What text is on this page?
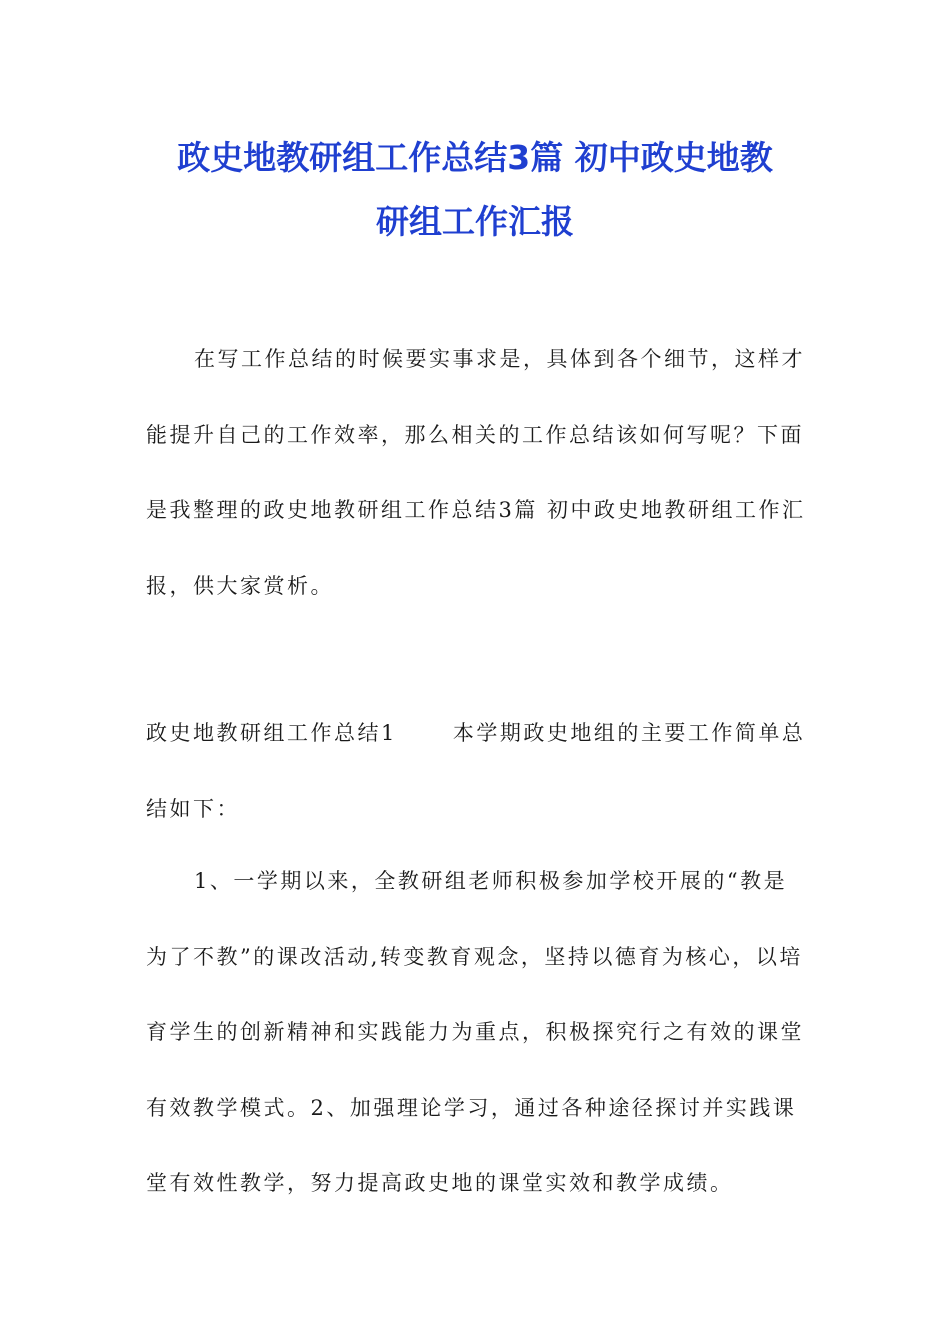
政史地教研组工作总结3篇 初中政史地教
研组工作汇报

在写工作总结的时候要实事求是，具体到各个细节，这样才能提升自己的工作效率，那么相关的工作总结该如何写呢？下面是我整理的政史地教研组工作总结3篇 初中政史地教研组工作汇报，供大家赏析。

政史地教研组工作总结1	本学期政史地组的主要工作简单总结如下：

1、一学期以来，全教研组老师积极参加学校开展的“教是为了不教”的课改活动,转变教育观念，坚持以德育为核心，以培育学生的创新精神和实践能力为重点，积极探究行之有效的课堂有效教学模式。2、加强理论学习，通过各种途径探讨并实践课堂有效性教学，努力提高政史地的课堂实效和教学成绩。
